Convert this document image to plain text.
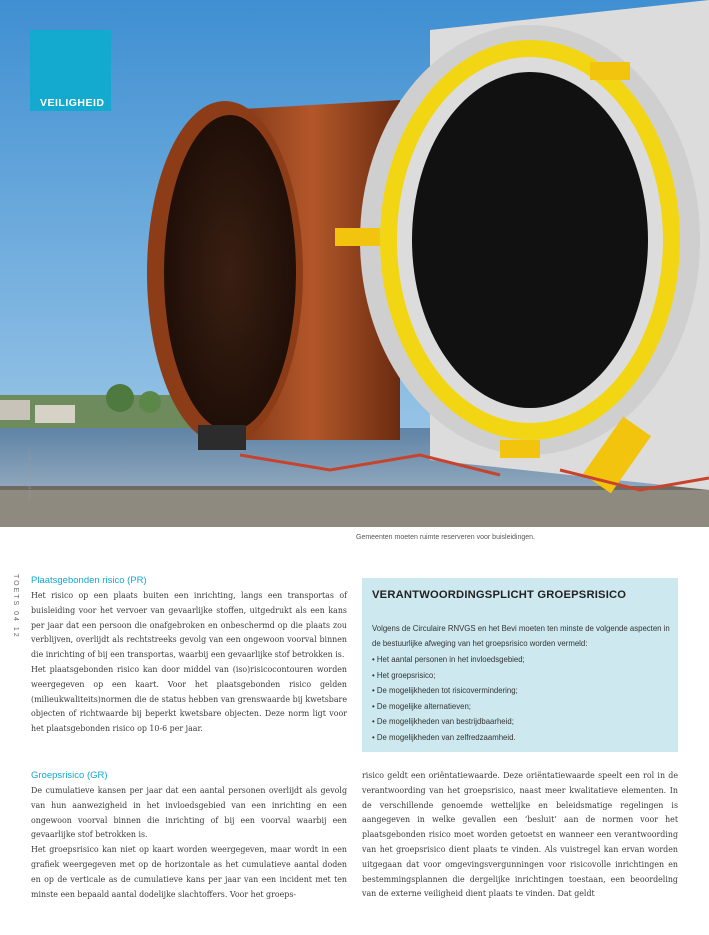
VEILIGHEID
FOTO: PETER BRIJ
Gemeenten moeten ruimte reserveren voor buisleidingen.
TOETS 04 12 Plaatsgebonden risico (PR)

Het risico op een plaats buiten een inrichting, langs een transportas of buisleiding voor het vervoer van gevaarlijke stoffen, uitgedrukt als een kans per jaar dat een persoon die onafgebroken en onbeschermd op die plaats zou verblijven, overlijdt als rechtstreeks gevolg van een ongewoon voorval binnen die inrichting of bij een transportas, waarbij een gevaarlijke stof betrokken is.

Het plaatsgebonden risico kan door middel van (iso)risicocontouren worden weergegeven op een kaart. Voor het plaatsgebonden risico gelden (milieukwaliteits)normen die de status hebben van grenswaarde bij kwetsbare objecten of richtwaarde bij beperkt kwetsbare objecten. Deze norm ligt voor het plaatsgebonden risico op 10-6 per jaar.

Groepsrisico (GR)

De cumulatieve kansen per jaar dat een aantal personen overlijdt als gevolg van hun aanwezigheid in het invloedsgebied van een inrichting en een ongewoon voorval binnen die inrichting of bij een voorval waarbij een gevaarlijke stof betrokken is.

Het groepsrisico kan niet op kaart worden weergegeven, maar wordt in een grafiek weergegeven met op de horizontale as het cumulatieve aantal doden en op de verticale as de cumulatieve kans per jaar van een incident met ten minste een bepaald aantal dodelijke slachtoffers. Voor het groeps-

risico geldt een oriëntatiewaarde. Deze oriëntatiewaarde speelt een rol in de verantwoording van het groepsrisico, naast meer kwalitatieve elementen. In de verschillende genoemde wettelijke en beleidsmatige regelingen is aangegeven in welke gevallen een ‘besluit’ aan de normen voor het plaatsgebonden risico moet worden getoetst en wanneer een verantwoording van het groepsrisico dient plaats te vinden. Als vuistregel kan ervan worden uitgegaan dat voor omgevingsvergunningen voor risicovolle inrichtingen en bestemmingsplannen die dergelijke inrichtingen toestaan, een beoordeling van de externe veiligheid dient plaats te vinden. Dat geldt

VERANTWOORDINGSPLICHT GROEPSRISICO

Volgens de Circulaire RNVGS en het Bevi moeten ten minste de volgende aspecten in de bestuurlijke afweging van het groepsrisico worden vermeld:

• Het aantal personen in het invloedsgebied;
• Het groepsrisico;
• De mogelijkheden tot risicovermindering;
• De mogelijke alternatieven;
• De mogelijkheden van bestrijdbaarheid;
• De mogelijkheden van zelfredzaamheid.
